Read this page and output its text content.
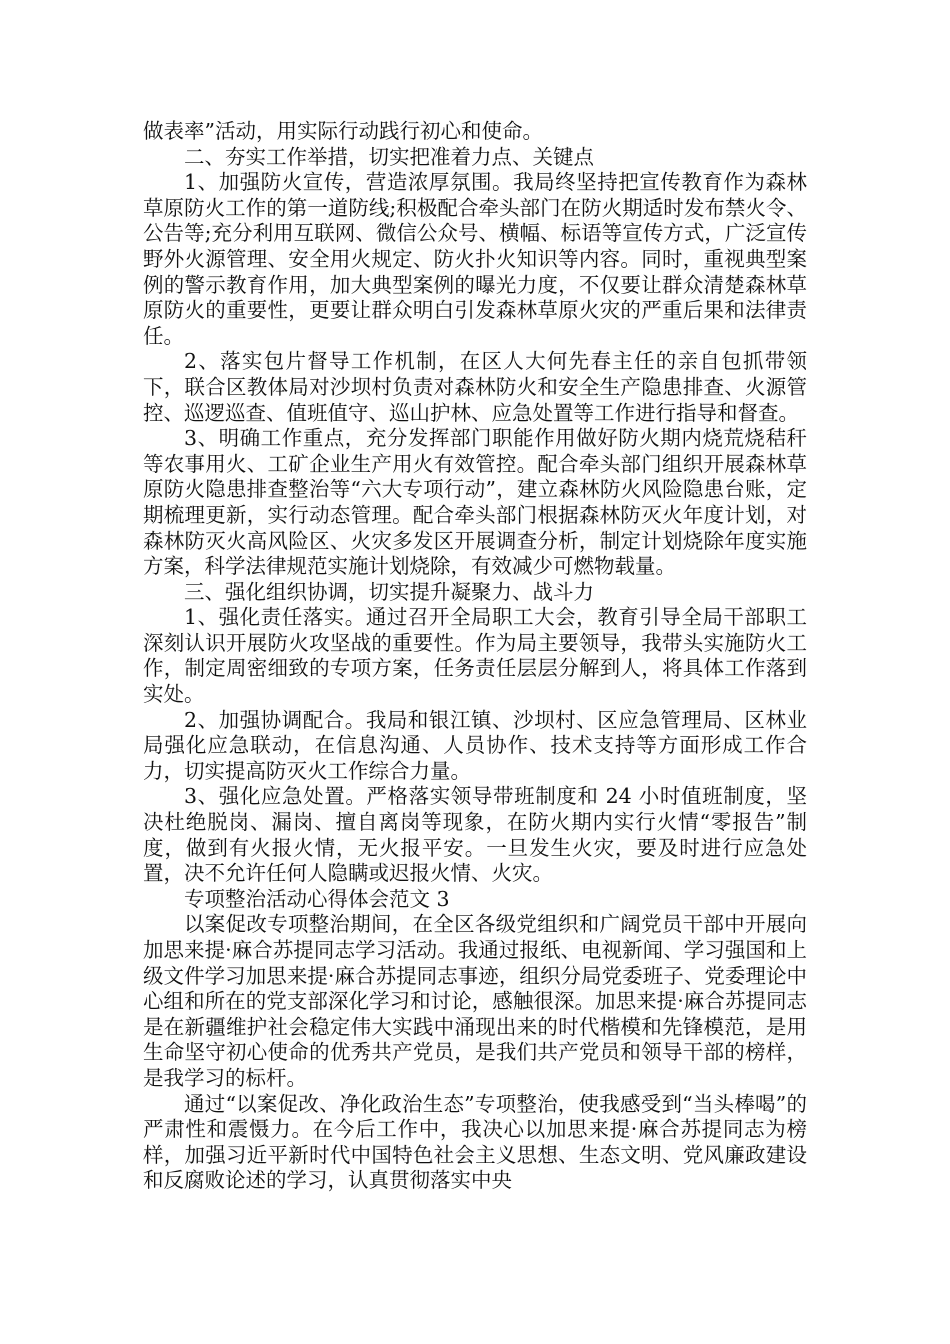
做表率”活动，用实际行动践行初心和使命。

二、夯实工作举措，切实把准着力点、关键点

1、加强防火宣传，营造浓厚氛围。我局终坚持把宣传教育作为森林草原防火工作的第一道防线;积极配合牵头部门在防火期适时发布禁火令、公告等;充分利用互联网、微信公众号、横幅、标语等宣传方式，广泛宣传野外火源管理、安全用火规定、防火扑火知识等内容。同时，重视典型案例的警示教育作用，加大典型案例的曝光力度，不仅要让群众清楚森林草原防火的重要性，更要让群众明白引发森林草原火灾的严重后果和法律责任。

2、落实包片督导工作机制，在区人大何先春主任的亲自包抓带领下，联合区教体局对沙坝村负责对森林防火和安全生产隐患排查、火源管控、巡逻巡查、值班值守、巡山护林、应急处置等工作进行指导和督查。

3、明确工作重点，充分发挥部门职能作用做好防火期内烧荒烧秸秆等农事用火、工矿企业生产用火有效管控。配合牵头部门组织开展森林草原防火隐患排查整治等“六大专项行动”，建立森林防火风险隐患台账，定期梳理更新，实行动态管理。配合牵头部门根据森林防灭火年度计划，对森林防灭火高风险区、火灾多发区开展调查分析，制定计划烧除年度实施方案，科学法律规范实施计划烧除，有效减少可燃物载量。

三、强化组织协调，切实提升凝聚力、战斗力

1、强化责任落实。通过召开全局职工大会，教育引导全局干部职工深刻认识开展防火攻坚战的重要性。作为局主要领导，我带头实施防火工作，制定周密细致的专项方案，任务责任层层分解到人，将具体工作落到实处。

2、加强协调配合。我局和银江镇、沙坝村、区应急管理局、区林业局强化应急联动，在信息沟通、人员协作、技术支持等方面形成工作合力，切实提高防灭火工作综合力量。

3、强化应急处置。严格落实领导带班制度和 24 小时值班制度，坚决杜绝脱岗、漏岗、擅自离岗等现象，在防火期内实行火情“零报告”制度，做到有火报火情，无火报平安。一旦发生火灾，要及时进行应急处置，决不允许任何人隐瞒或迟报火情、火灾。

专项整治活动心得体会范文 3

以案促改专项整治期间，在全区各级党组织和广阔党员干部中开展向加思来提·麻合苏提同志学习活动。我通过报纸、电视新闻、学习强国和上级文件学习加思来提·麻合苏提同志事迹，组织分局党委班子、党委理论中心组和所在的党支部深化学习和讨论，感触很深。加思来提·麻合苏提同志是在新疆维护社会稳定伟大实践中涌现出来的时代楷模和先锋模范，是用生命坚守初心使命的优秀共产党员，是我们共产党员和领导干部的榜样，是我学习的标杆。

通过“以案促改、净化政治生态”专项整治，使我感受到“当头棒喝”的严肃性和震慑力。在今后工作中，我决心以加思来提·麻合苏提同志为榜样，加强习近平新时代中国特色社会主义思想、生态文明、党风廉政建设和反腐败论述的学习，认真贯彻落实中央
